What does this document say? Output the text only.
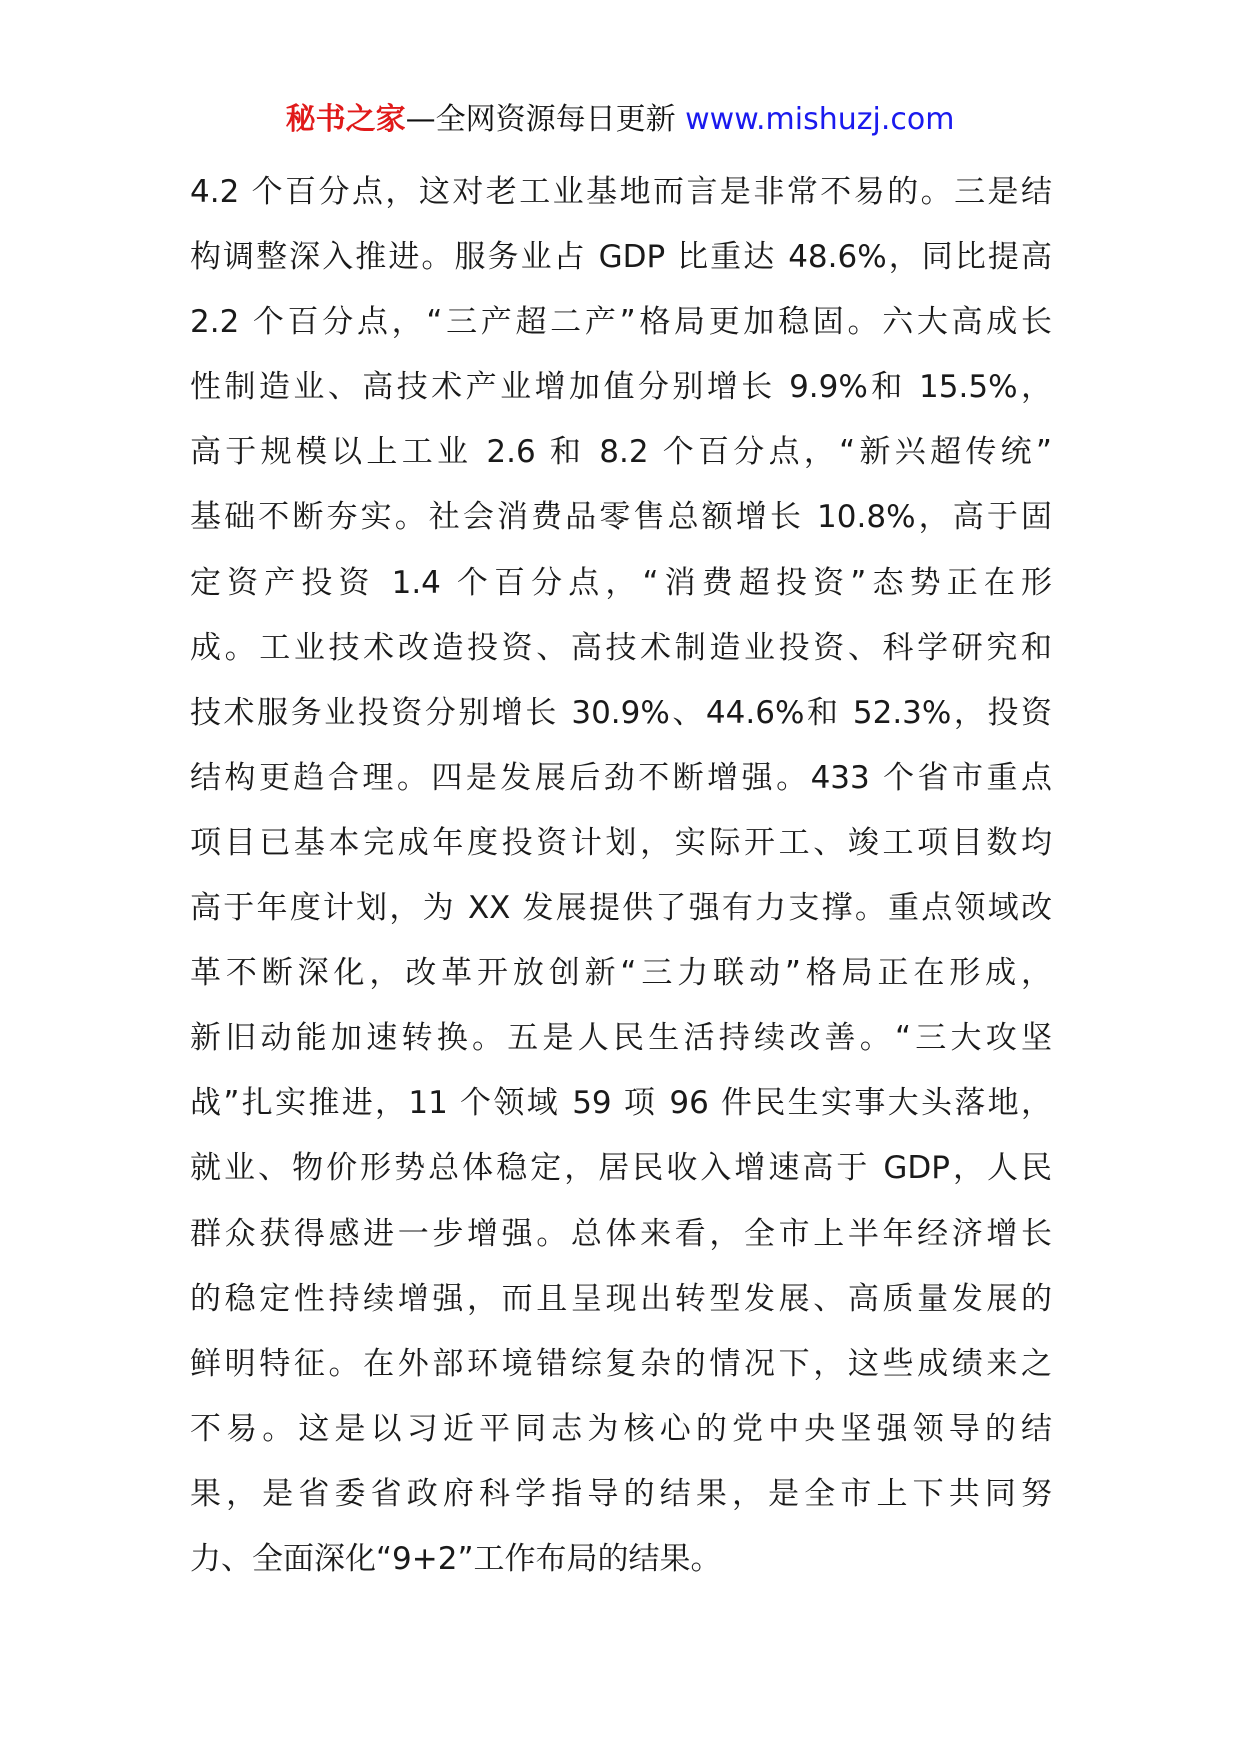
秘书之家—全网资源每日更新 www.mishuzj.com
4.2 个百分点，这对老工业基地而言是非常不易的。三是结
构调整深入推进。服务业占 GDP 比重达 48.6%，同比提高
2.2 个百分点，“三产超二产”格局更加稳固。六大高成长
性制造业、高技术产业增加值分别增长 9.9%和 15.5%，
高于规模以上工业 2.6 和 8.2 个百分点，“新兴超传统”
基础不断夯实。社会消费品零售总额增长 10.8%，高于固
定资产投资 1.4 个百分点，“消费超投资”态势正在形
成。工业技术改造投资、高技术制造业投资、科学研究和
技术服务业投资分别增长 30.9%、44.6%和 52.3%，投资
结构更趋合理。四是发展后劲不断增强。433 个省市重点
项目已基本完成年度投资计划，实际开工、竣工项目数均
高于年度计划，为 XX 发展提供了强有力支撑。重点领域改
革不断深化，改革开放创新“三力联动”格局正在形成，
新旧动能加速转换。五是人民生活持续改善。“三大攻坚
战”扎实推进，11 个领域 59 项 96 件民生实事大头落地，
就业、物价形势总体稳定，居民收入增速高于 GDP，人民
群众获得感进一步增强。总体来看，全市上半年经济增长
的稳定性持续增强，而且呈现出转型发展、高质量发展的
鲜明特征。在外部环境错综复杂的情况下，这些成绩来之
不易。这是以习近平同志为核心的党中央坚强领导的结
果，是省委省政府科学指导的结果，是全市上下共同努
力、全面深化“9+2”工作布局的结果。
